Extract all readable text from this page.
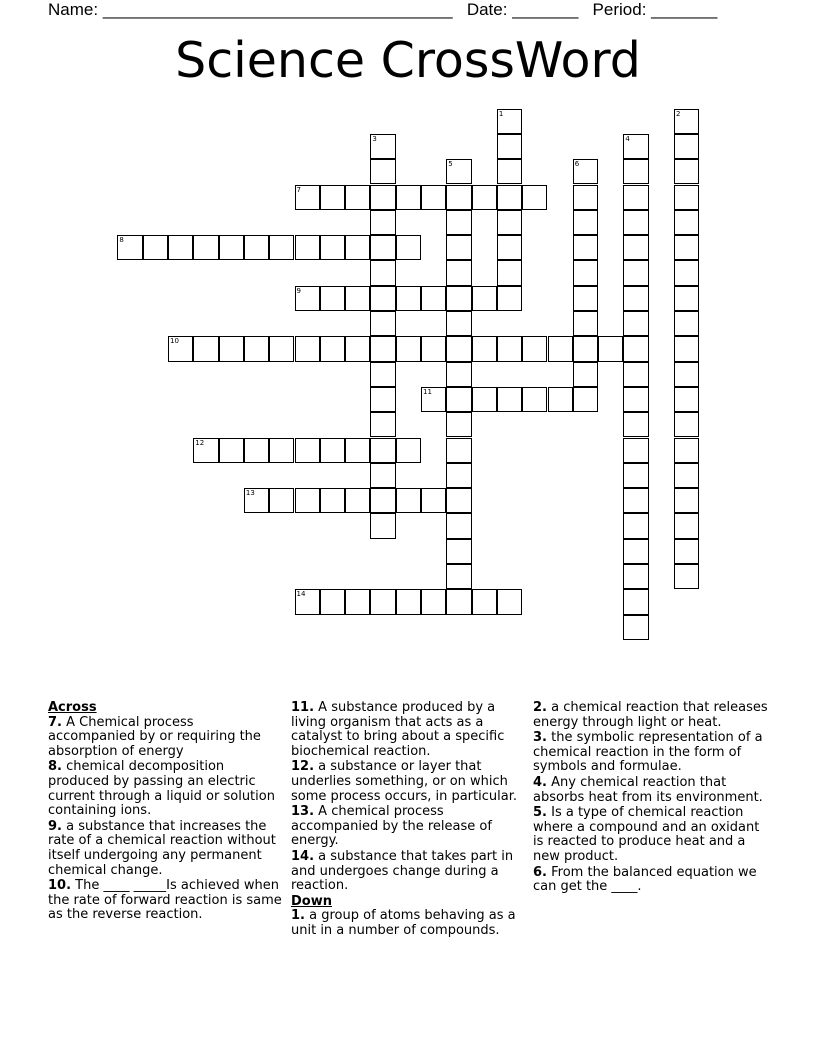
Name: _____________________________________ Date: _______ Period: _______
Science CrossWord
1	2
3	4
5	6
7
8
9
10
11
12
13
14
Across
7. A Chemical process accompanied by or requiring the absorption of energy
8. chemical decomposition produced by passing an electric current through a liquid or solution containing ions.
9. a substance that increases the rate of a chemical reaction without itself undergoing any permanent chemical change.
10. The ____ _____Is achieved when the rate of forward reaction is same as the reverse reaction.
11. A substance produced by a living organism that acts as a catalyst to bring about a specific biochemical reaction.
12. a substance or layer that underlies something, or on which some process occurs, in particular.
13. A chemical process accompanied by the release of energy.
14. a substance that takes part in and undergoes change during a reaction.
Down
1. a group of atoms behaving as a unit in a number of compounds.
2. a chemical reaction that releases energy through light or heat.
3. the symbolic representation of a chemical reaction in the form of symbols and formulae.
4. Any chemical reaction that absorbs heat from its environment.
5. Is a type of chemical reaction where a compound and an oxidant is reacted to produce heat and a new product.
6. From the balanced equation we can get the ____.
